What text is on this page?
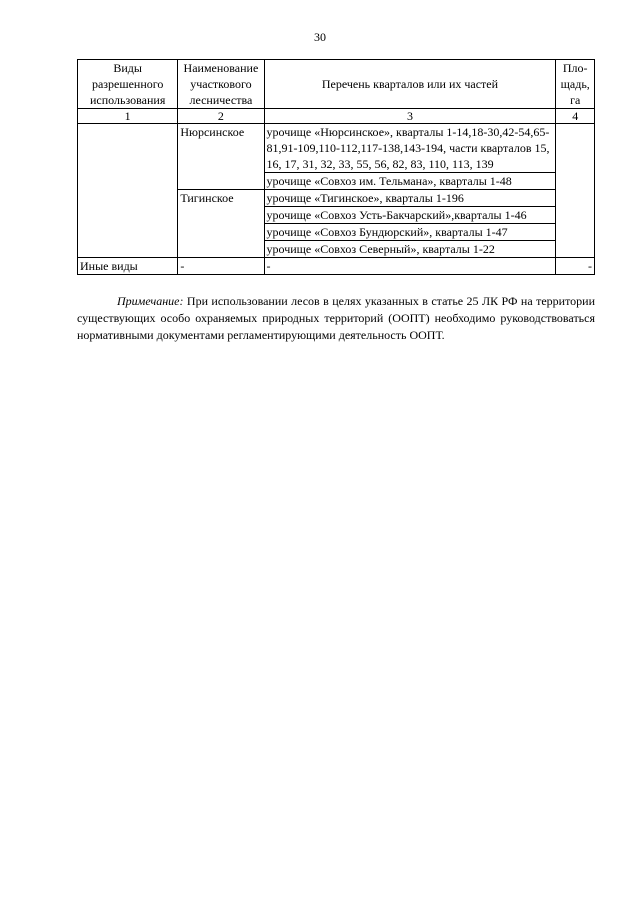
30
Виды разрешенного использования	Наименование участкового лесничества	Перечень кварталов или их частей	Пло-щадь, га
1	2	3	4
	Нюрсинское	урочище «Нюрсинское», кварталы 1-14,18-30,42-54,65-81,91-109,110-112,117-138,143-194, части кварталов 15, 16, 17, 31, 32, 33, 55, 56, 82, 83, 110, 113, 139	
		урочище «Совхоз им. Тельмана», кварталы 1-48	
	Тигинское	урочище «Тигинское», кварталы 1-196	
		урочище «Совхоз Усть-Бакчарский»,кварталы 1-46	
		урочище «Совхоз Бундюрский», кварталы 1-47	
		урочище «Совхоз Северный», кварталы 1-22	
Иные виды	-	-	-

Примечание: При использовании лесов в целях указанных в статье 25 ЛК РФ на территории существующих особо охраняемых природных территорий (ООПТ) необходимо руководствоваться нормативными документами регламентирующими деятельность ООПТ.
